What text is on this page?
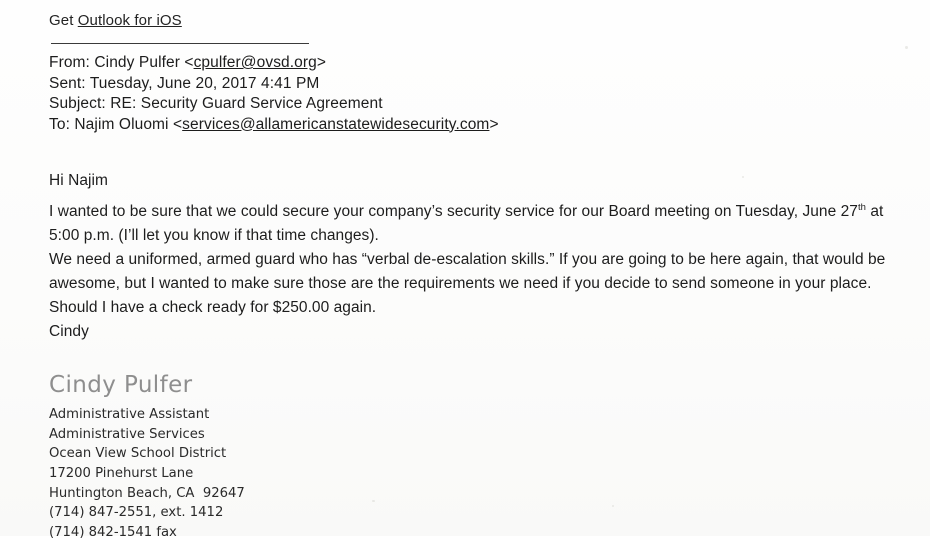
Get Outlook for iOS
From: Cindy Pulfer <cpulfer@ovsd.org>
Sent: Tuesday, June 20, 2017 4:41 PM
Subject: RE: Security Guard Service Agreement
To: Najim Oluomi <services@allamericanstatewidesecurity.com>

Hi Najim

I wanted to be sure that we could secure your company’s security service for our Board meeting on Tuesday, June 27th at 5:00 p.m. (I’ll let you know if that time changes).

We need a uniformed, armed guard who has “verbal de-escalation skills.” If you are going to be here again, that would be awesome, but I wanted to make sure those are the requirements we need if you decide to send someone in your place.

Should I have a check ready for $250.00 again.

Cindy

Cindy Pulfer
Administrative Assistant
Administrative Services
Ocean View School District
17200 Pinehurst Lane
Huntington Beach, CA  92647
(714) 847-2551, ext. 1412
(714) 842-1541 fax
